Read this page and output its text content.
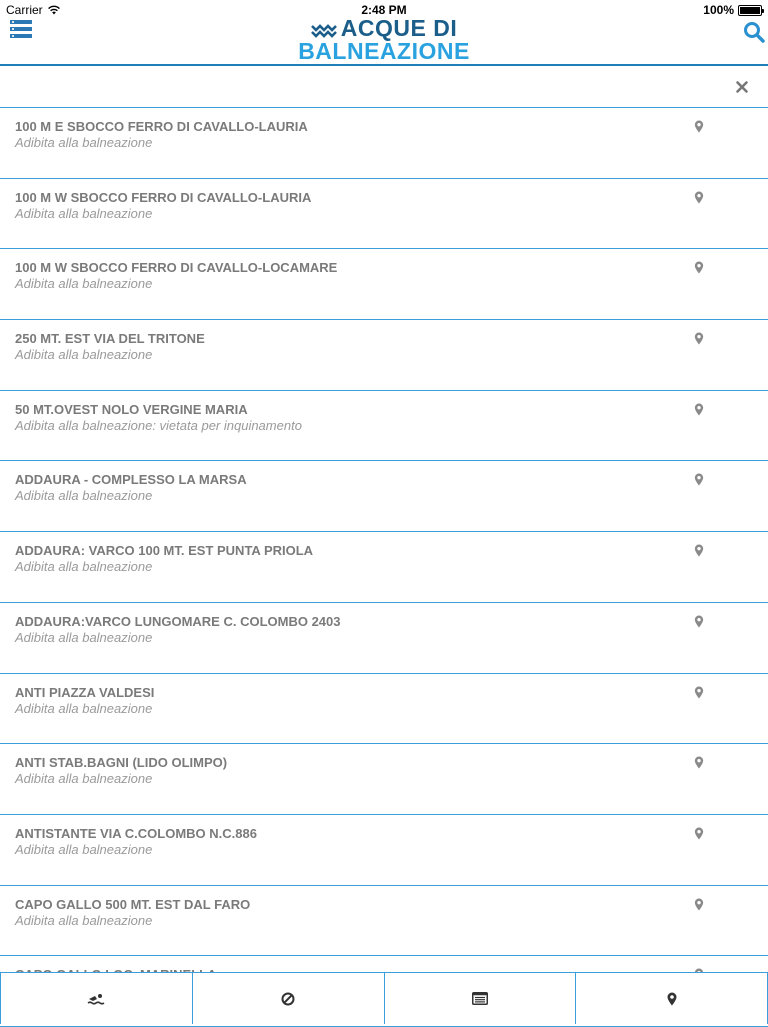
Carrier	2:48 PM	100%
ACQUE DI
BALNEAZIONE
100 M E SBOCCO FERRO DI CAVALLO-LAURIA
Adibita alla balneazione
100 M W SBOCCO FERRO DI CAVALLO-LAURIA
Adibita alla balneazione
100 M W SBOCCO FERRO DI CAVALLO-LOCAMARE
Adibita alla balneazione
250 MT. EST VIA DEL TRITONE
Adibita alla balneazione
50 MT.OVEST NOLO VERGINE MARIA
Adibita alla balneazione: vietata per inquinamento
ADDAURA - COMPLESSO LA MARSA
Adibita alla balneazione
ADDAURA: VARCO 100 MT. EST PUNTA PRIOLA
Adibita alla balneazione
ADDAURA:VARCO LUNGOMARE C. COLOMBO 2403
Adibita alla balneazione
ANTI PIAZZA VALDESI
Adibita alla balneazione
ANTI STAB.BAGNI (LIDO OLIMPO)
Adibita alla balneazione
ANTISTANTE VIA C.COLOMBO N.C.886
Adibita alla balneazione
CAPO GALLO 500 MT. EST DAL FARO
Adibita alla balneazione
